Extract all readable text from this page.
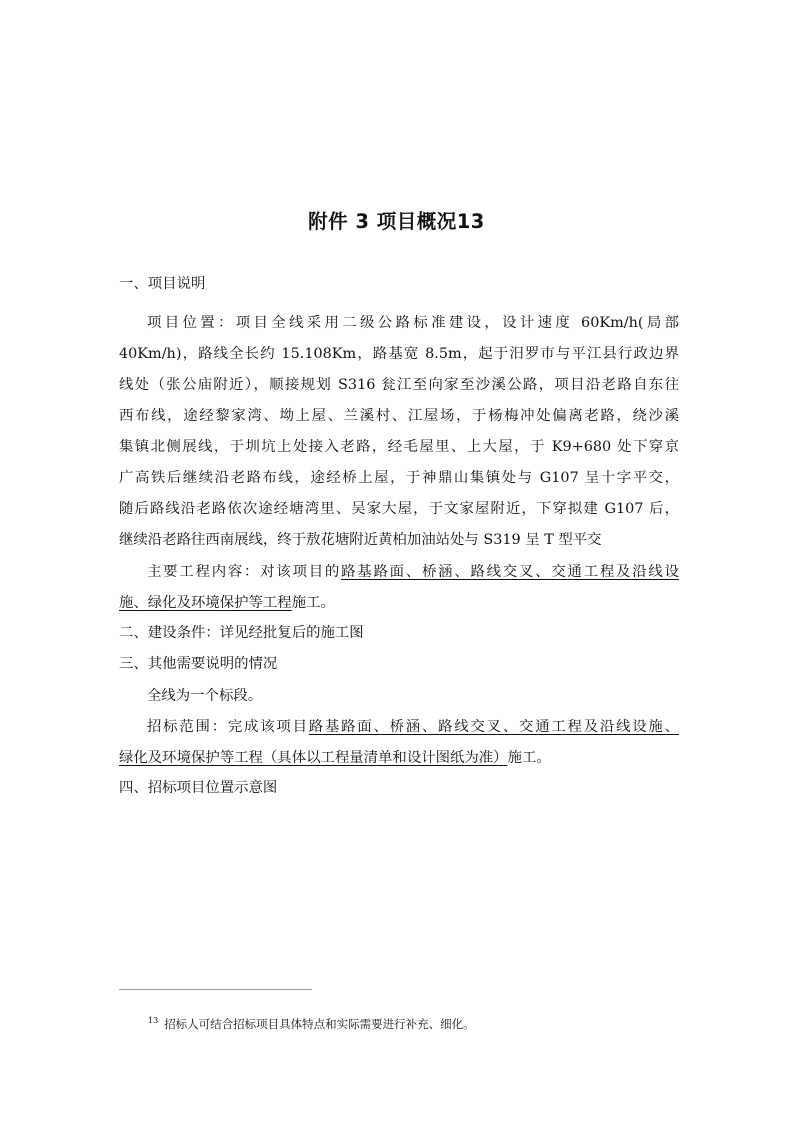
附件 3 项目概况13
一、项目说明
项目位置：项目全线采用二级公路标准建设，设计速度 60Km/h(局部
40Km/h)，路线全长约 15.108Km，路基宽 8.5m，起于汨罗市与平江县行政边界
线处（张公庙附近），顺接规划 S316 瓮江至向家至沙溪公路，项目沿老路自东往
西布线，途经黎家湾、坳上屋、兰溪村、江屋场，于杨梅冲处偏离老路，绕沙溪
集镇北侧展线，于圳坑上处接入老路，经毛屋里、上大屋，于 K9+680 处下穿京
广高铁后继续沿老路布线，途经桥上屋，于神鼎山集镇处与 G107 呈十字平交，
随后路线沿老路依次途经塘湾里、吴家大屋，于文家屋附近，下穿拟建 G107 后，
继续沿老路往西南展线，终于敖花塘附近黄柏加油站处与 S319 呈 T 型平交
主要工程内容：对该项目的路基路面、桥涵、路线交叉、交通工程及沿线设
施、绿化及环境保护等工程施工。
二、建设条件：详见经批复后的施工图
三、其他需要说明的情况
全线为一个标段。
招标范围：完成该项目路基路面、桥涵、路线交叉、交通工程及沿线设施、
绿化及环境保护等工程（具体以工程量清单和设计图纸为准）施工。
四、招标项目位置示意图
$^{13}$ 招标人可结合招标项目具体特点和实际需要进行补充、细化。
